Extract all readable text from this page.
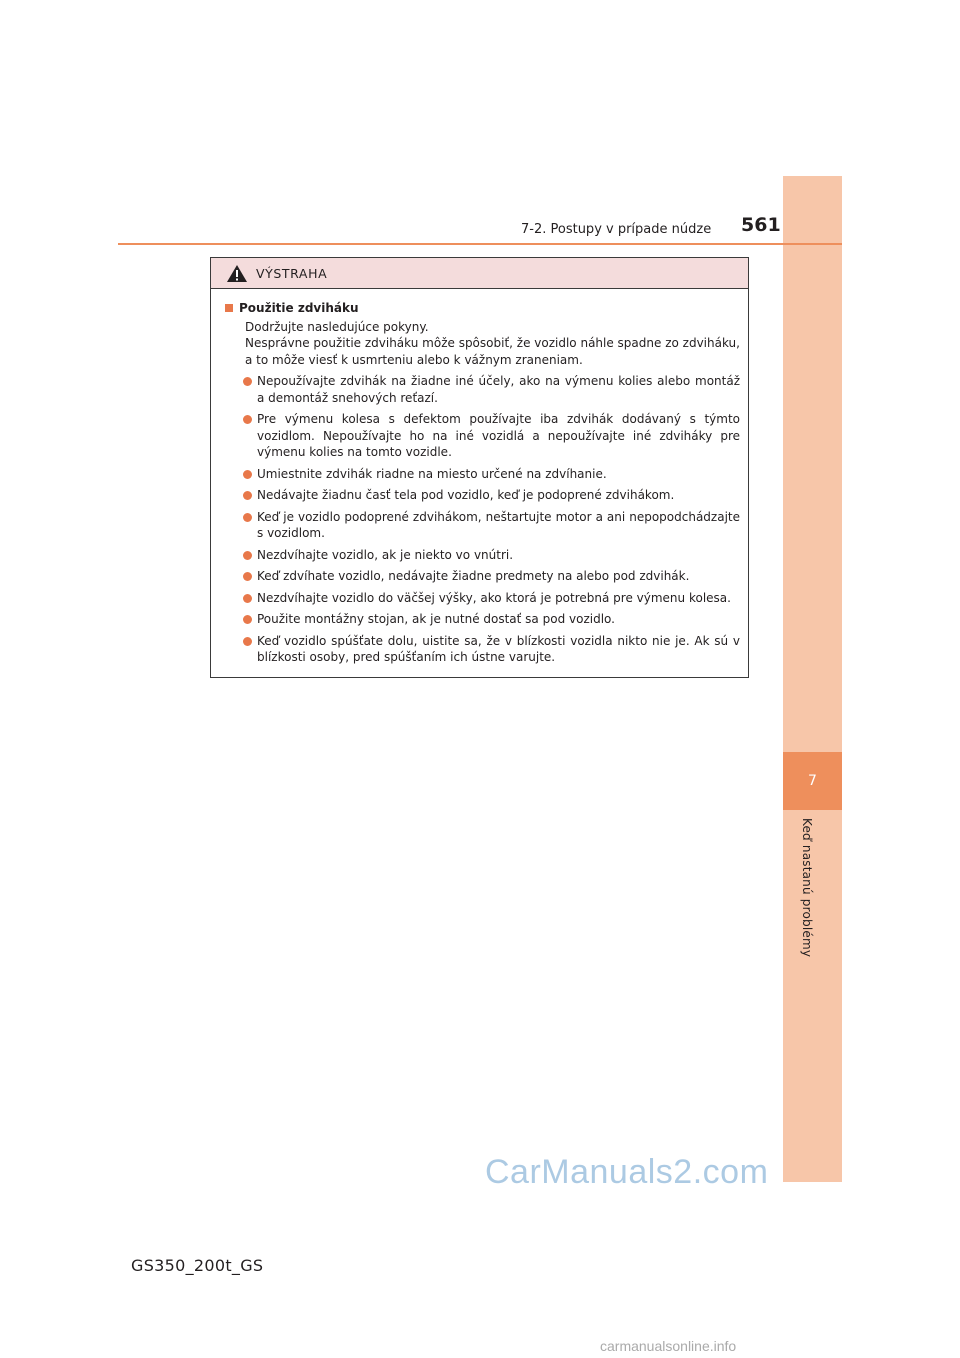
7
Keď nastanú problémy
7-2. Postupy v prípade núdze 561
VÝSTRAHA
Použitie zdviháku

Dodržujte nasledujúce pokyny.

Nesprávne použitie zdviháku môže spôsobiť, že vozidlo náhle spadne zo zdviháku, a to môže viesť k usmrteniu alebo k vážnym zraneniam.

Nepoužívajte zdvihák na žiadne iné účely, ako na výmenu kolies alebo montáž a demontáž snehových reťazí.
Pre výmenu kolesa s defektom používajte iba zdvihák dodávaný s týmto vozidlom. Nepoužívajte ho na iné vozidlá a nepoužívajte iné zdviháky pre výmenu kolies na tomto vozidle.
Umiestnite zdvihák riadne na miesto určené na zdvíhanie.
Nedávajte žiadnu časť tela pod vozidlo, keď je podoprené zdvihákom.
Keď je vozidlo podoprené zdvihákom, neštartujte motor a ani nepopodchádzajte s vozidlom.
Nezdvíhajte vozidlo, ak je niekto vo vnútri.
Keď zdvíhate vozidlo, nedávajte žiadne predmety na alebo pod zdvihák.
Nezdvíhajte vozidlo do väčšej výšky, ako ktorá je potrebná pre výmenu kolesa.
Použite montážny stojan, ak je nutné dostať sa pod vozidlo.
Keď vozidlo spúšťate dolu, uistite sa, že v blízkosti vozidla nikto nie je. Ak sú v blízkosti osoby, pred spúšťaním ich ústne varujte.
CarManuals2.com
GS350_200t_GS
carmanualsonline.info
